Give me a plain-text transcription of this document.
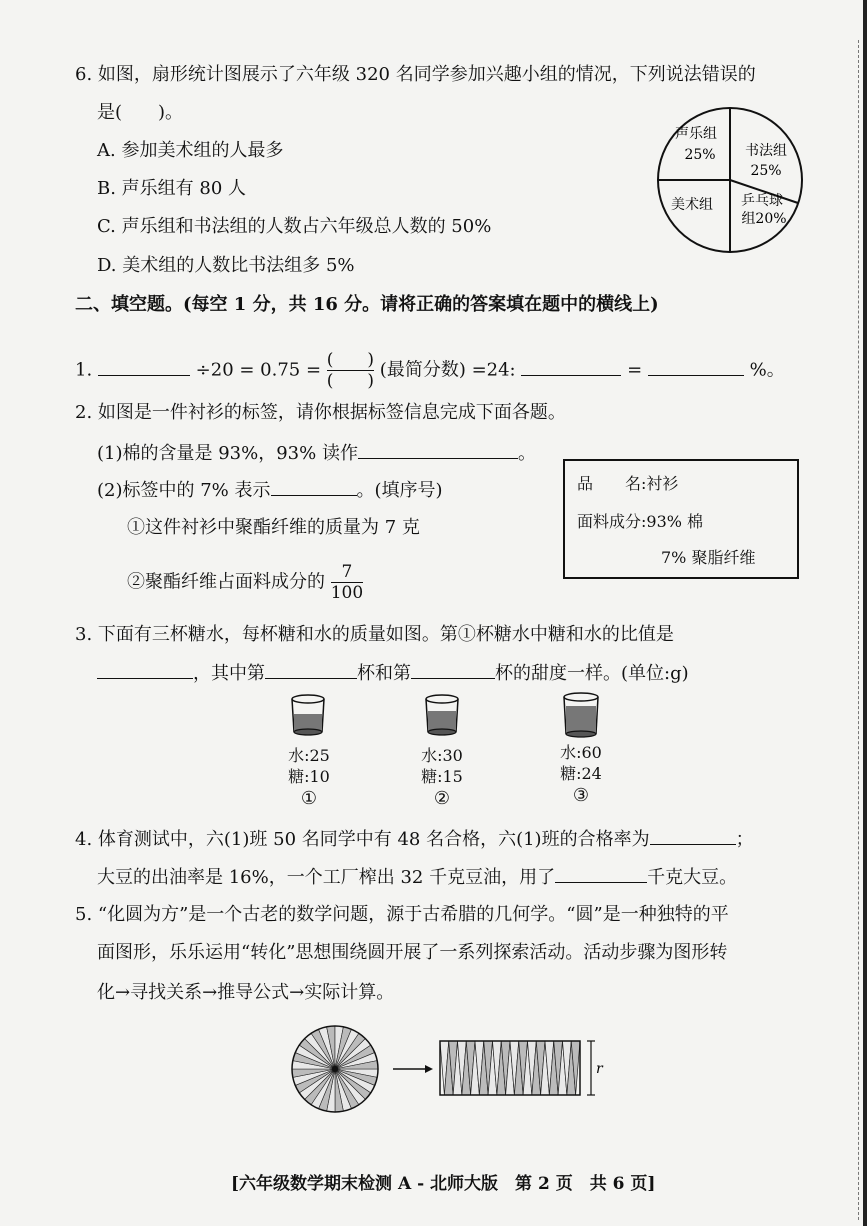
6. 如图，扇形统计图展示了六年级 320 名同学参加兴趣小组的情况，下列说法错误的
是(　　)。
A. 参加美术组的人最多
B. 声乐组有 80 人
C. 声乐组和书法组的人数占六年级总人数的 50%
D. 美术组的人数比书法组多 5%
声乐组
25% 书法组
25%
美术组 乒乓球
组20%
二、填空题。(每空 1 分，共 16 分。请将正确的答案填在题中的横线上)
1.	$\div 20 = 0.75 = \frac{( )}{( )}$ (最简分数) =24:	=	%。
2. 如图是一件衬衫的标签，请你根据标签信息完成下面各题。
(1)棉的含量是 93%，93% 读作	。
(2)标签中的 7% 表示	。(填序号)
①这件衬衫中聚酯纤维的质量为 7 克
②聚酯纤维占面料成分的 $\frac{7}{100}$
品　　名:衬衫
面料成分:93% 棉
7% 聚脂纤维
3. 下面有三杯糖水，每杯糖和水的质量如图。第①杯糖水中糖和水的比值是
，其中第	杯和第	杯的甜度一样。(单位:g)
水:25
糖:10
①
水:30
糖:15
②
水:60
糖:24
③
4. 体育测试中，六(1)班 50 名同学中有 48 名合格，六(1)班的合格率为	；
大豆的出油率是 16%，一个工厂榨出 32 千克豆油，用了	千克大豆。
5. “化圆为方”是一个古老的数学问题，源于古希腊的几何学。“圆”是一种独特的平
面图形，乐乐运用“转化”思想围绕圆开展了一系列探索活动。活动步骤为图形转
化→寻找关系→推导公式→实际计算。
r
[六年级数学期末检测 A - 北师大版　第 2 页　共 6 页]
